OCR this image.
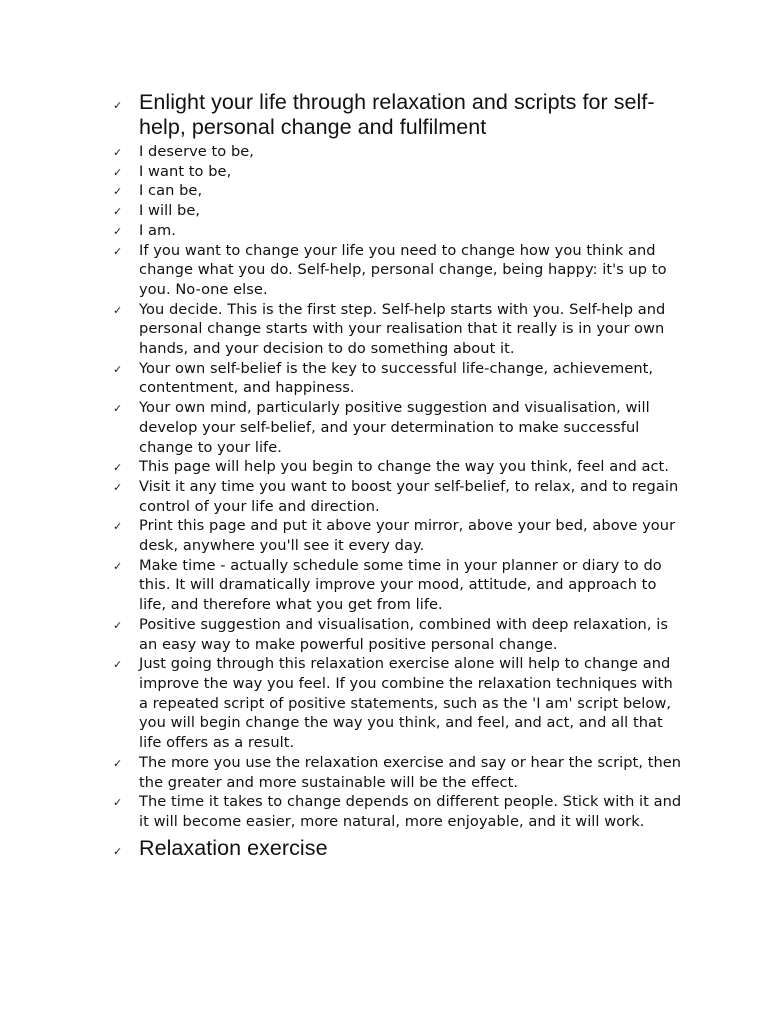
✓ Enlight your life through relaxation and scripts for self-help, personal change and fulfilment
✓	I deserve to be,
✓	I want to be,
✓	I can be,
✓	I will be,
✓	I am.
✓	If you want to change your life you need to change how you think and change what you do. Self-help, personal change, being happy: it's up to you. No-one else.
✓	You decide. This is the first step. Self-help starts with you. Self-help and personal change starts with your realisation that it really is in your own hands, and your decision to do something about it.
✓	Your own self-belief is the key to successful life-change, achievement, contentment, and happiness.
✓	Your own mind, particularly positive suggestion and visualisation, will develop your self-belief, and your determination to make successful change to your life.
✓	This page will help you begin to change the way you think, feel and act.
✓	Visit it any time you want to boost your self-belief, to relax, and to regain control of your life and direction.
✓	Print this page and put it above your mirror, above your bed, above your desk, anywhere you'll see it every day.
✓	Make time - actually schedule some time in your planner or diary to do this. It will dramatically improve your mood, attitude, and approach to life, and therefore what you get from life.
✓	Positive suggestion and visualisation, combined with deep relaxation, is an easy way to make powerful positive personal change.
✓	Just going through this relaxation exercise alone will help to change and improve the way you feel. If you combine the relaxation techniques with a repeated script of positive statements, such as the 'I am' script below, you will begin change the way you think, and feel, and act, and all that life offers as a result.
✓	The more you use the relaxation exercise and say or hear the script, then the greater and more sustainable will be the effect.
✓	The time it takes to change depends on different people. Stick with it and it will become easier, more natural, more enjoyable, and it will work.
✓ Relaxation exercise
